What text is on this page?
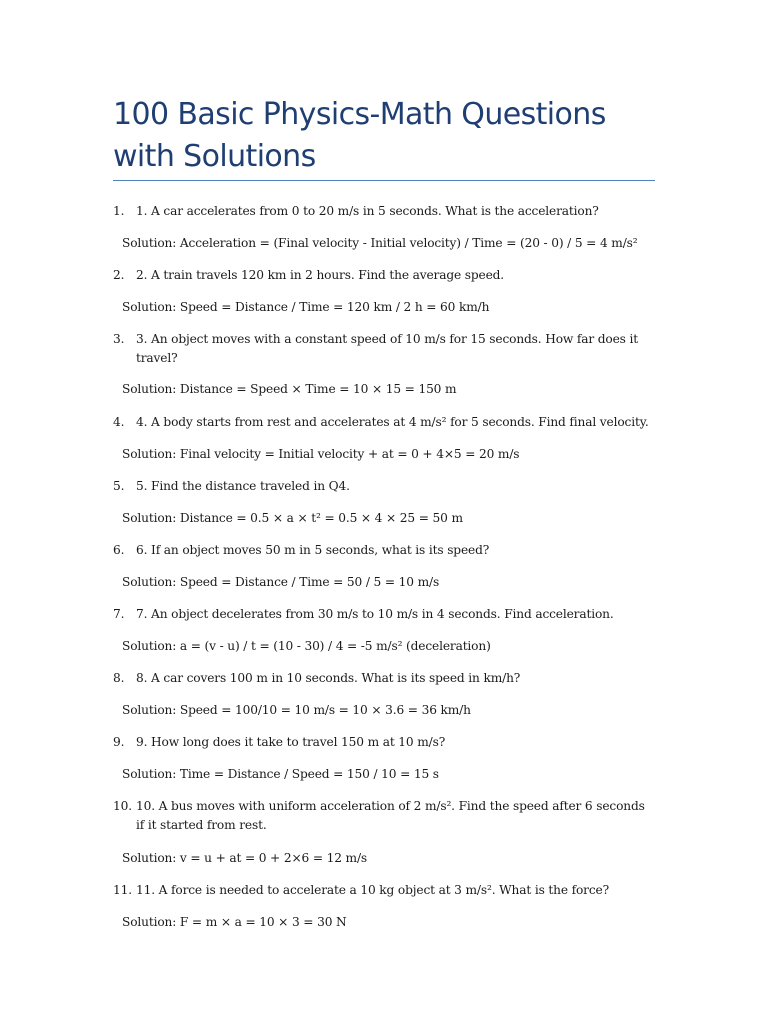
100 Basic Physics-Math Questions with Solutions
1. 1. A car accelerates from 0 to 20 m/s in 5 seconds. What is the acceleration?
Solution: Acceleration = (Final velocity - Initial velocity) / Time = (20 - 0) / 5 = 4 m/s²
2. 2. A train travels 120 km in 2 hours. Find the average speed.
Solution: Speed = Distance / Time = 120 km / 2 h = 60 km/h
3. 3. An object moves with a constant speed of 10 m/s for 15 seconds. How far does it travel?
Solution: Distance = Speed × Time = 10 × 15 = 150 m
4. 4. A body starts from rest and accelerates at 4 m/s² for 5 seconds. Find final velocity.
Solution: Final velocity = Initial velocity + at = 0 + 4×5 = 20 m/s
5. 5. Find the distance traveled in Q4.
Solution: Distance = 0.5 × a × t² = 0.5 × 4 × 25 = 50 m
6. 6. If an object moves 50 m in 5 seconds, what is its speed?
Solution: Speed = Distance / Time = 50 / 5 = 10 m/s
7. 7. An object decelerates from 30 m/s to 10 m/s in 4 seconds. Find acceleration.
Solution: a = (v - u) / t = (10 - 30) / 4 = -5 m/s² (deceleration)
8. 8. A car covers 100 m in 10 seconds. What is its speed in km/h?
Solution: Speed = 100/10 = 10 m/s = 10 × 3.6 = 36 km/h
9. 9. How long does it take to travel 150 m at 10 m/s?
Solution: Time = Distance / Speed = 150 / 10 = 15 s
10. 10. A bus moves with uniform acceleration of 2 m/s². Find the speed after 6 seconds if it started from rest.
Solution: v = u + at = 0 + 2×6 = 12 m/s
11. 11. A force is needed to accelerate a 10 kg object at 3 m/s². What is the force?
Solution: F = m × a = 10 × 3 = 30 N
